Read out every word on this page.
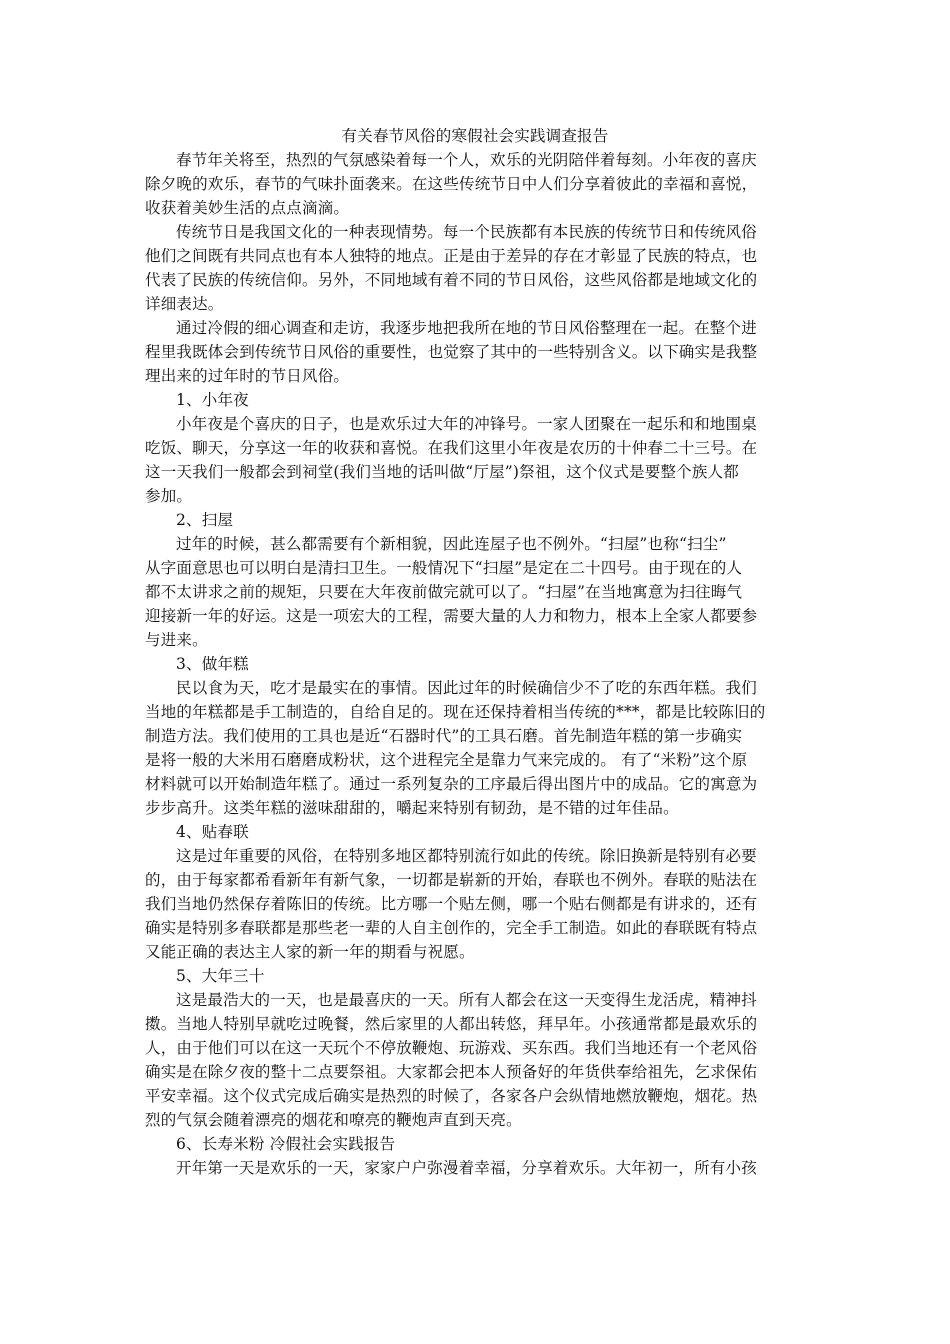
有关春节风俗的寒假社会实践调查报告

春节年关将至，热烈的气氛感染着每一个人，欢乐的光阴陪伴着每刻。小年夜的喜庆
除夕晚的欢乐，春节的气味扑面袭来。在这些传统节日中人们分享着彼此的幸福和喜悦，
收获着美妙生活的点点滴滴。

传统节日是我国文化的一种表现情势。每一个民族都有本民族的传统节日和传统风俗
他们之间既有共同点也有本人独特的地点。正是由于差异的存在才彰显了民族的特点，也
代表了民族的传统信仰。另外，不同地域有着不同的节日风俗，这些风俗都是地域文化的
详细表达。

通过冷假的细心调查和走访，我逐步地把我所在地的节日风俗整理在一起。在整个进
程里我既体会到传统节日风俗的重要性，也觉察了其中的一些特别含义。以下确实是我整
理出来的过年时的节日风俗。

1、小年夜

小年夜是个喜庆的日子，也是欢乐过大年的冲锋号。一家人团聚在一起乐和和地围桌
吃饭、聊天，分享这一年的收获和喜悦。在我们这里小年夜是农历的十仲春二十三号。在
这一天我们一般都会到祠堂(我们当地的话叫做“厅屋”)祭祖，这个仪式是要整个族人都
参加。

2、扫屋

过年的时候，甚么都需要有个新相貌，因此连屋子也不例外。“扫屋”也称“扫尘”
从字面意思也可以明白是清扫卫生。一般情况下“扫屋”是定在二十四号。由于现在的人
都不太讲求之前的规矩，只要在大年夜前做完就可以了。“扫屋”在当地寓意为扫往晦气
迎接新一年的好运。这是一项宏大的工程，需要大量的人力和物力，根本上全家人都要参
与进来。

3、做年糕

民以食为天，吃才是最实在的事情。因此过年的时候确信少不了吃的东西年糕。我们
当地的年糕都是手工制造的，自给自足的。现在还保持着相当传统的***，都是比较陈旧的
制造方法。我们使用的工具也是近“石器时代”的工具石磨。首先制造年糕的第一步确实
是将一般的大米用石磨磨成粉状，这个进程完全是靠力气来完成的。 有了“米粉”这个原
材料就可以开始制造年糕了。通过一系列复杂的工序最后得出图片中的成品。它的寓意为
步步高升。这类年糕的滋味甜甜的，嚼起来特别有韧劲，是不错的过年佳品。

4、贴春联

这是过年重要的风俗，在特别多地区都特别流行如此的传统。除旧换新是特别有必要
的，由于每家都希看新年有新气象，一切都是崭新的开始，春联也不例外。春联的贴法在
我们当地仍然保存着陈旧的传统。比方哪一个贴左侧，哪一个贴右侧都是有讲求的，还有
确实是特别多春联都是那些老一辈的人自主创作的，完全手工制造。如此的春联既有特点
又能正确的表达主人家的新一年的期看与祝愿。

5、大年三十

这是最浩大的一天，也是最喜庆的一天。所有人都会在这一天变得生龙活虎，精神抖
擞。当地人特别早就吃过晚餐，然后家里的人都出转悠，拜早年。小孩通常都是最欢乐的
人，由于他们可以在这一天玩个不停放鞭炮、玩游戏、买东西。我们当地还有一个老风俗
确实是在除夕夜的整十二点要祭祖。大家都会把本人预备好的年货供奉给祖先，乞求保佑
平安幸福。这个仪式完成后确实是热烈的时候了，各家各户会纵情地燃放鞭炮，烟花。热
烈的气氛会随着漂亮的烟花和嘹亮的鞭炮声直到天亮。

6、长寿米粉 冷假社会实践报告

开年第一天是欢乐的一天，家家户户弥漫着幸福，分享着欢乐。大年初一，所有小孩
